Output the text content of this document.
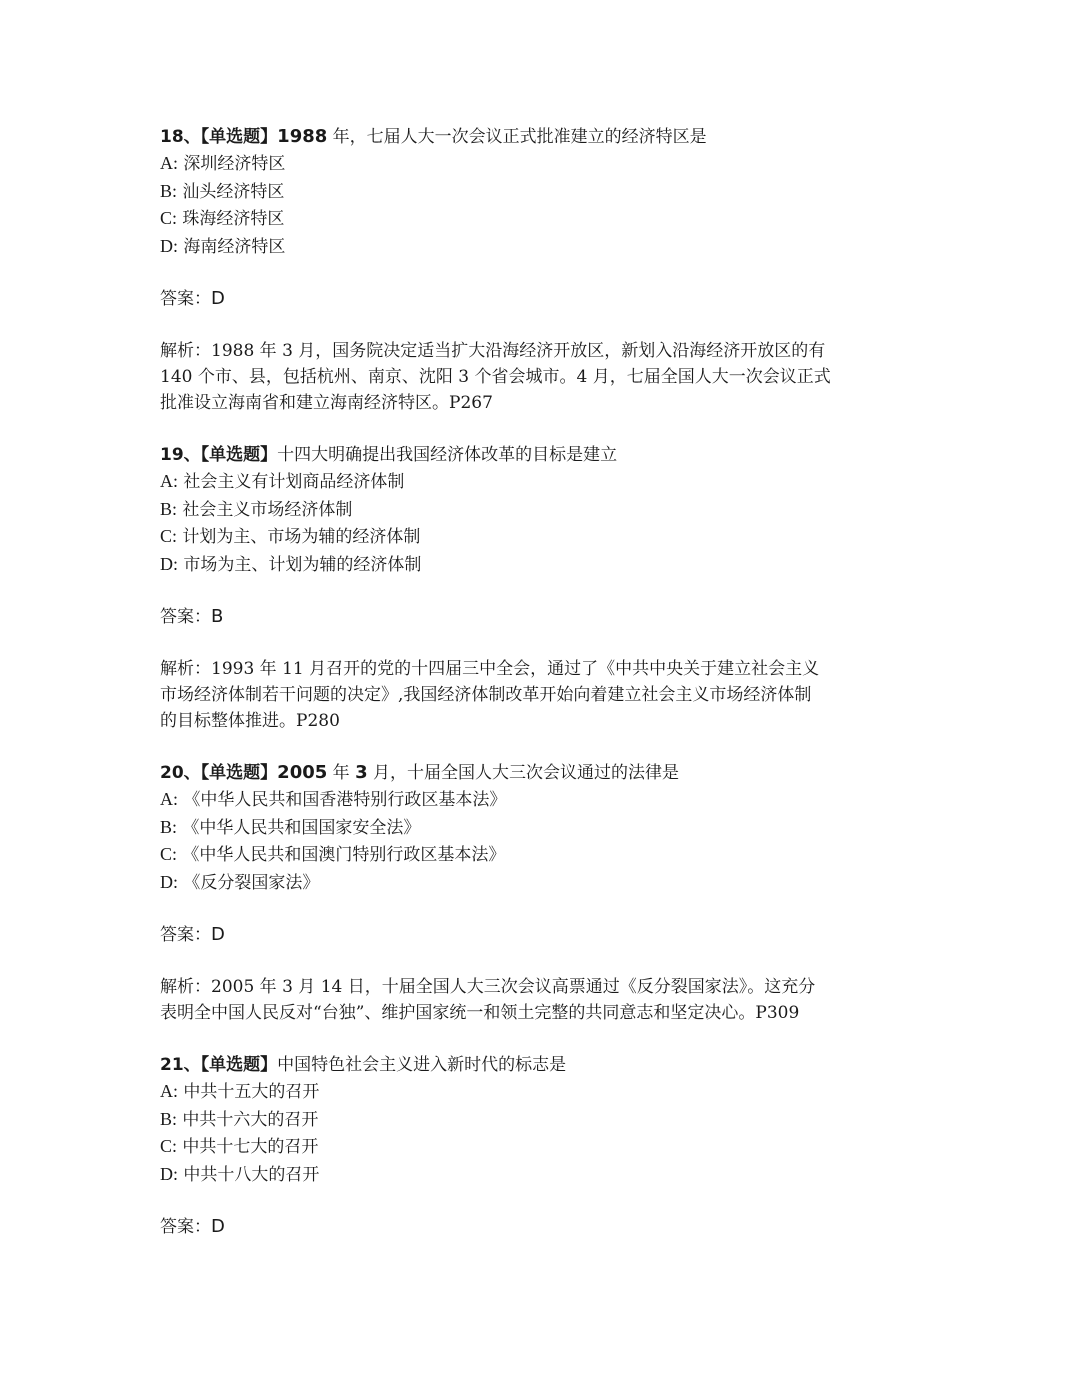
18、【单选题】1988 年，七届人大一次会议正式批准建立的经济特区是

A: 深圳经济特区
B: 汕头经济特区
C: 珠海经济特区
D: 海南经济特区
答案：D
解析：1988 年 3 月，国务院决定适当扩大沿海经济开放区，新划入沿海经济开放区的有
140 个市、县，包括杭州、南京、沈阳 3 个省会城市。4 月，七届全国人大一次会议正式
批准设立海南省和建立海南经济特区。P267

19、【单选题】十四大明确提出我国经济体改革的目标是建立

A: 社会主义有计划商品经济体制
B: 社会主义市场经济体制
C: 计划为主、市场为辅的经济体制
D: 市场为主、计划为辅的经济体制
答案：B
解析：1993 年 11 月召开的党的十四届三中全会，通过了《中共中央关于建立社会主义
市场经济体制若干问题的决定》,我国经济体制改革开始向着建立社会主义市场经济体制
的目标整体推进。P280

20、【单选题】2005 年 3 月，十届全国人大三次会议通过的法律是

A: 《中华人民共和国香港特别行政区基本法》
B: 《中华人民共和国国家安全法》
C: 《中华人民共和国澳门特别行政区基本法》
D: 《反分裂国家法》
答案：D
解析：2005 年 3 月 14 日，十届全国人大三次会议高票通过《反分裂国家法》。这充分
表明全中国人民反对“台独”、维护国家统一和领土完整的共同意志和坚定决心。P309

21、【单选题】中国特色社会主义进入新时代的标志是

A: 中共十五大的召开
B: 中共十六大的召开
C: 中共十七大的召开
D: 中共十八大的召开
答案：D
